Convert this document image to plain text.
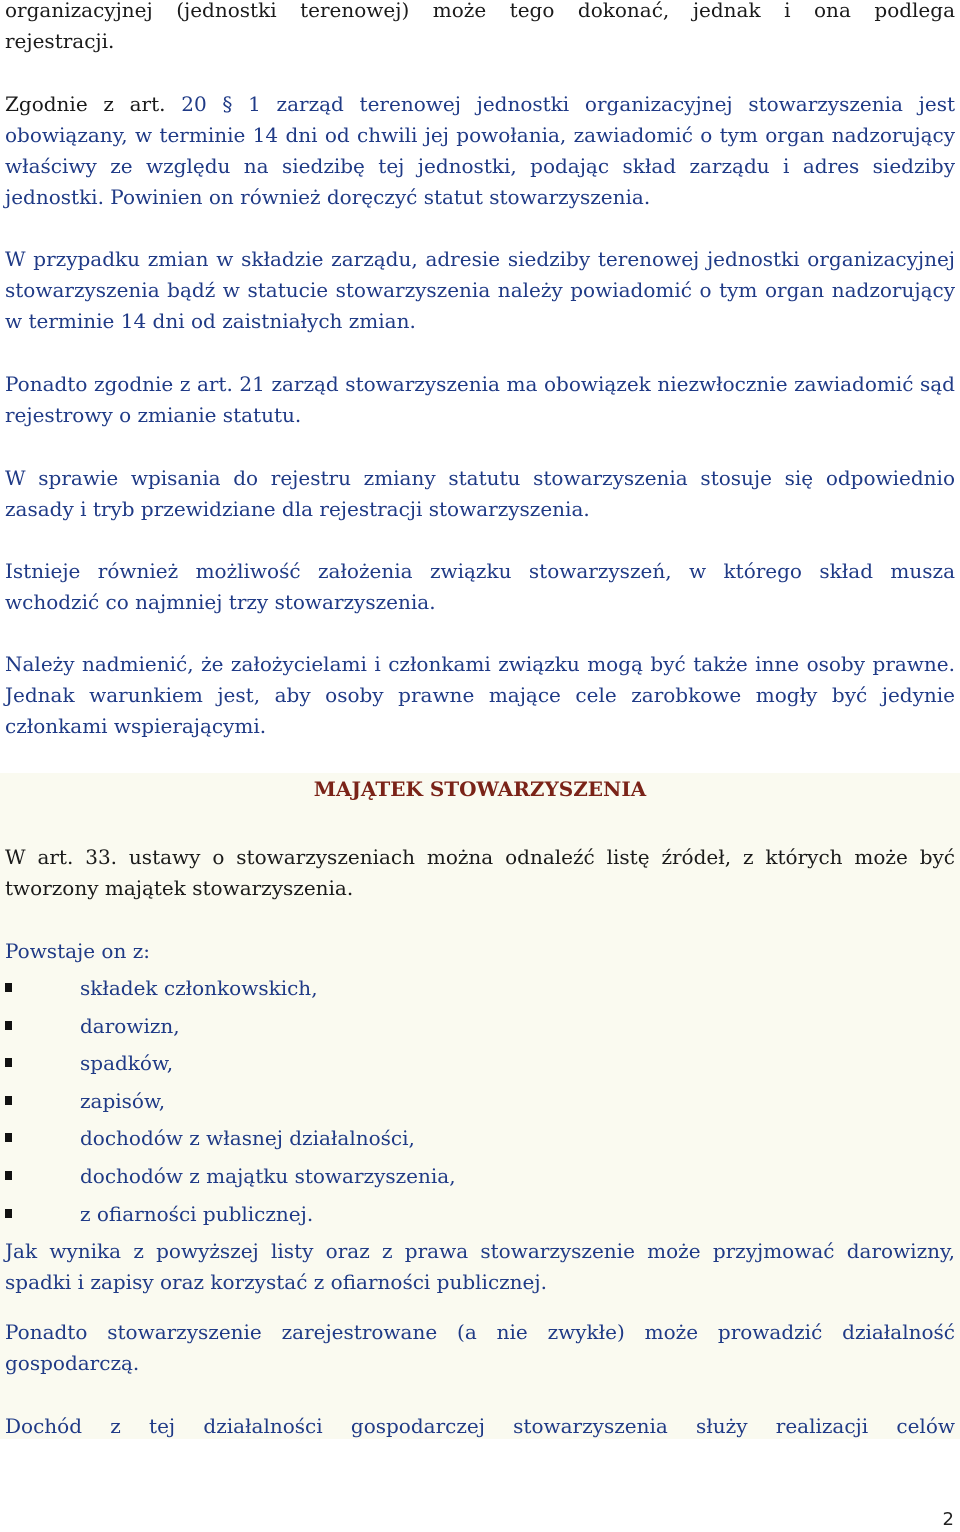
organizacyjnej (jednostki terenowej) może tego dokonać, jednak i ona podlega

rejestracji.

Zgodnie z art. 20 § 1 zarząd terenowej jednostki organizacyjnej stowarzyszenia jest obowiązany, w terminie 14 dni od chwili jej powołania, zawiadomić o tym organ nadzorujący właściwy ze względu na siedzibę tej jednostki, podając skład zarządu i adres siedziby jednostki. Powinien on również doręczyć statut stowarzyszenia.

W przypadku zmian w składzie zarządu, adresie siedziby terenowej jednostki organizacyjnej stowarzyszenia bądź w statucie stowarzyszenia należy powiadomić o tym organ nadzorujący w terminie 14 dni od zaistniałych zmian.

Ponadto zgodnie z art. 21 zarząd stowarzyszenia ma obowiązek niezwłocznie zawiadomić sąd rejestrowy o zmianie statutu.

W sprawie wpisania do rejestru zmiany statutu stowarzyszenia stosuje się odpowiednio zasady i tryb przewidziane dla rejestracji stowarzyszenia.

Istnieje również możliwość założenia związku stowarzyszeń, w którego skład musza wchodzić co najmniej trzy stowarzyszenia.

Należy nadmienić, że założycielami i członkami związku mogą być także inne osoby prawne. Jednak warunkiem jest, aby osoby prawne mające cele zarobkowe mogły być jedynie członkami wspierającymi.

MAJĄTEK STOWARZYSZENIA

W art. 33. ustawy o stowarzyszeniach można odnaleźć listę źródeł, z których może być tworzony majątek stowarzyszenia.

Powstaje on z:

składek członkowskich,
darowizn,
spadków,
zapisów,
dochodów z własnej działalności,
dochodów z majątku stowarzyszenia,
z ofiarności publicznej.

Jak wynika z powyższej listy oraz z prawa stowarzyszenie może przyjmować darowizny, spadki i zapisy oraz korzystać z ofiarności publicznej.

Ponadto stowarzyszenie zarejestrowane (a nie zwykłe) może prowadzić działalność gospodarczą.

Dochód z tej działalności gospodarczej stowarzyszenia służy realizacji celów

2
